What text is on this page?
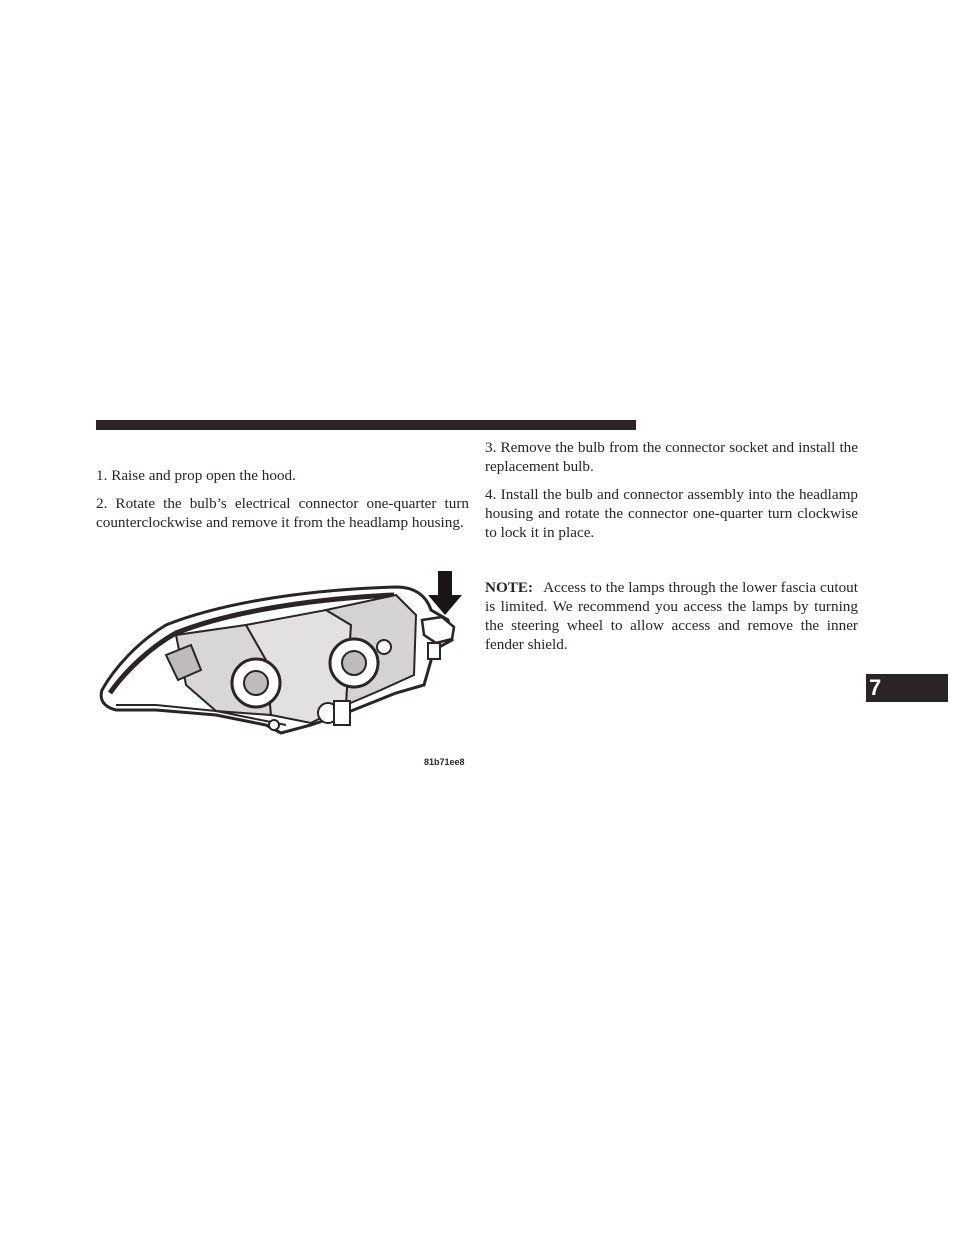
1. Raise and prop open the hood.

2. Rotate the bulb’s electrical connector one-quarter turn counterclockwise and remove it from the headlamp housing.

81b71ee8

3. Remove the bulb from the connector socket and install the replacement bulb.

4. Install the bulb and connector assembly into the headlamp housing and rotate the connector one-quarter turn clockwise to lock it in place.

NOTE: Access to the lamps through the lower fascia cutout is limited. We recommend you access the lamps by turning the steering wheel to allow access and remove the inner fender shield.

7
